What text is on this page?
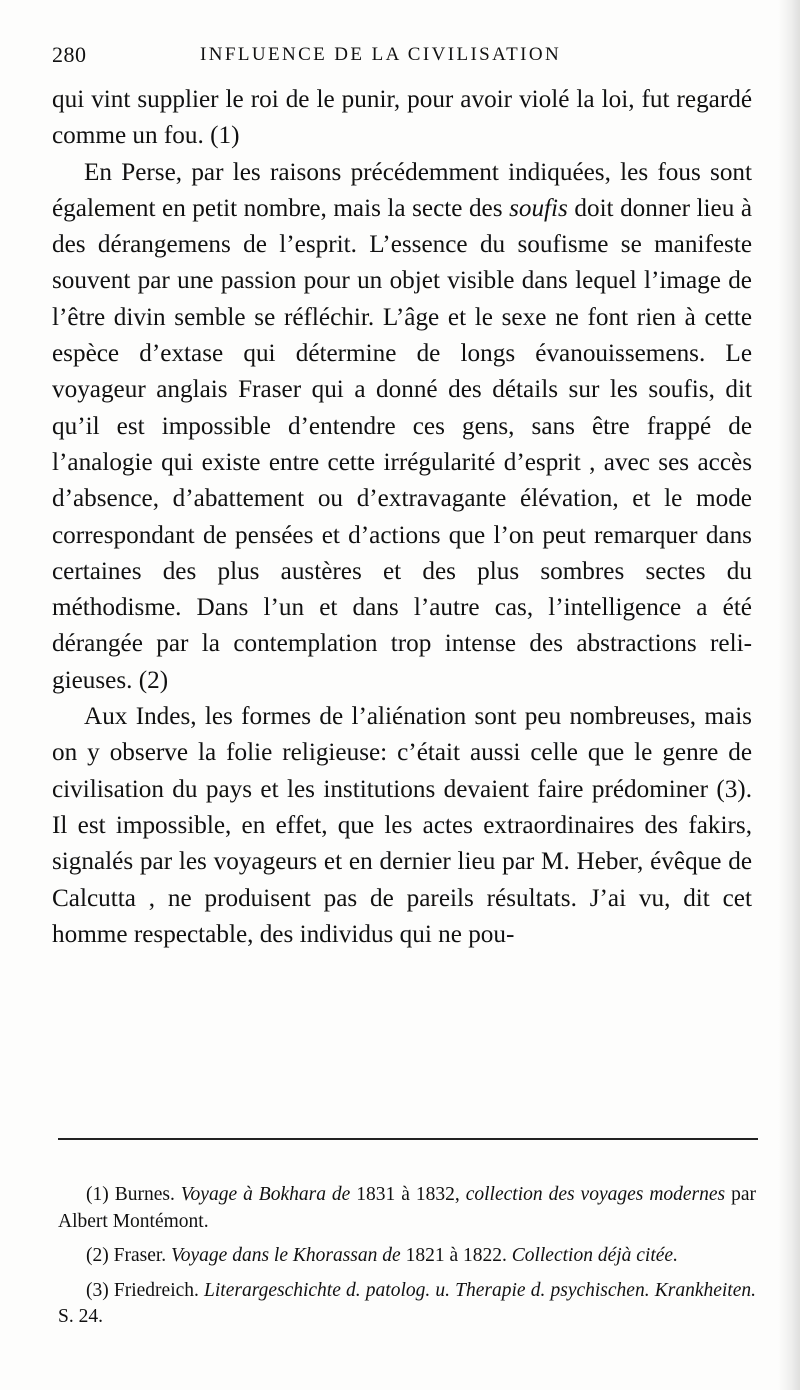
280	INFLUENCE DE LA CIVILISATION

qui vint supplier le roi de le punir, pour avoir violé la loi, fut regardé comme un fou. (1)

En Perse, par les raisons précédemment indiquées, les fous sont également en petit nombre, mais la secte des soufis doit donner lieu à des dérangemens de l’esprit. L’essence du soufisme se manifeste souvent par une passion pour un objet visible dans lequel l’image de l’être divin semble se réfléchir. L’âge et le sexe ne font rien à cette espèce d’extase qui détermine de longs évanouissemens. Le voyageur anglais Fraser qui a donné des détails sur les soufis, dit qu’il est impossible d’entendre ces gens, sans être frappé de l’analogie qui existe entre cette irrégularité d’esprit , avec ses accès d’absence, d’abattement ou d’extravagante élévation, et le mode correspondant de pensées et d’actions que l’on peut remarquer dans certaines des plus austères et des plus sombres sectes du méthodisme. Dans l’un et dans l’autre cas, l’intelligence a été dérangée par la contemplation trop intense des abstractions religieuses. (2)

Aux Indes, les formes de l’aliénation sont peu nombreuses, mais on y observe la folie religieuse: c’était aussi celle que le genre de civilisation du pays et les institutions devaient faire prédominer (3). Il est impossible, en effet, que les actes extraordinaires des fakirs, signalés par les voyageurs et en dernier lieu par M. Heber, évêque de Calcutta , ne produisent pas de pareils résultats. J’ai vu, dit cet homme respectable, des individus qui ne pou-

(1) Burnes. Voyage à Bokhara de 1831 à 1832, collection des voyages modernes par Albert Montémont.

(2) Fraser. Voyage dans le Khorassan de 1821 à 1822. Collection déjà citée.

(3) Friedreich. Literargeschichte d. patolog. u. Therapie d. psychischen. Krankheiten. S. 24.
